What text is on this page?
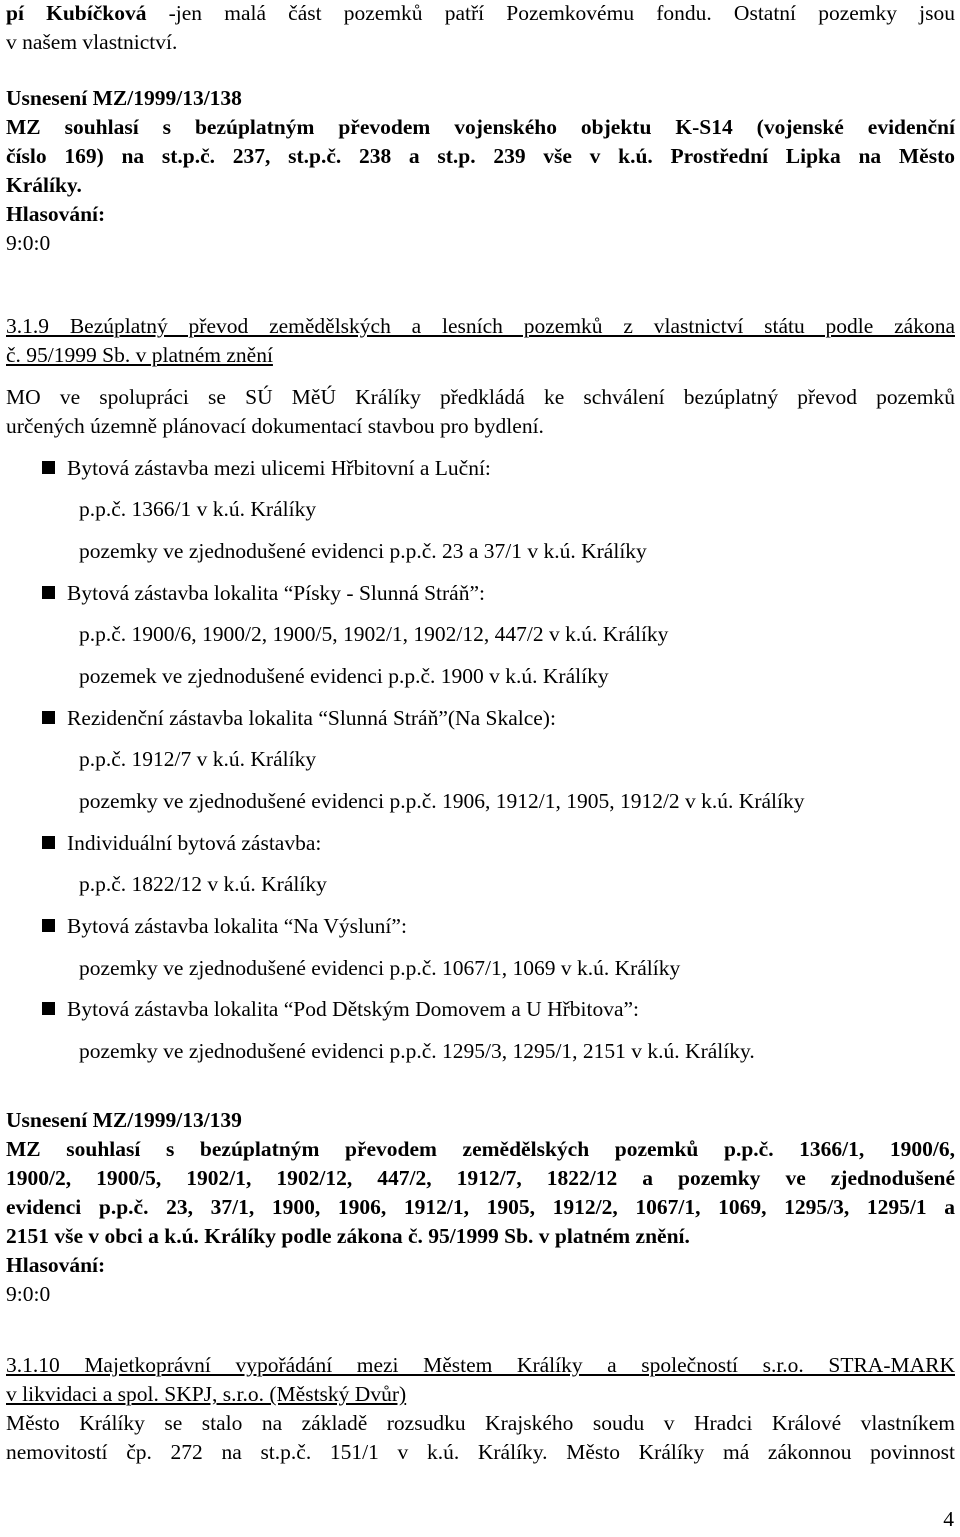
pí Kubíčková -jen malá část pozemků patří Pozemkovému fondu. Ostatní pozemky jsou
v našem vlastnictví.
Usnesení MZ/1999/13/138
MZ souhlasí s bezúplatným převodem vojenského objektu K-S14 (vojenské evidenční
číslo 169) na st.p.č. 237, st.p.č. 238 a st.p. 239 vše v k.ú. Prostřední Lipka na Město
Králíky.
Hlasování:
9:0:0
3.1.9 Bezúplatný převod zemědělských a lesních pozemků z vlastnictví státu podle zákona
č. 95/1999 Sb. v platném znění
MO ve spolupráci se SÚ MěÚ Králíky předkládá ke schválení bezúplatný převod pozemků
určených územně plánovací dokumentací stavbou pro bydlení.
Bytová zástavba mezi ulicemi Hřbitovní a Luční:
p.p.č. 1366/1 v k.ú. Králíky
pozemky ve zjednodušené evidenci p.p.č. 23 a 37/1 v k.ú. Králíky
Bytová zástavba lokalita “Písky - Slunná Stráň”:
p.p.č. 1900/6, 1900/2, 1900/5, 1902/1, 1902/12, 447/2 v k.ú. Králíky
pozemek ve zjednodušené evidenci p.p.č. 1900 v k.ú. Králíky
Rezidenční zástavba lokalita “Slunná Stráň”(Na Skalce):
p.p.č. 1912/7 v k.ú. Králíky
pozemky ve zjednodušené evidenci p.p.č. 1906, 1912/1, 1905, 1912/2 v k.ú. Králíky
Individuální bytová zástavba:
p.p.č. 1822/12 v k.ú. Králíky
Bytová zástavba lokalita “Na Výsluní”:
pozemky ve zjednodušené evidenci p.p.č. 1067/1, 1069 v k.ú. Králíky
Bytová zástavba lokalita “Pod Dětským Domovem a U Hřbitova”:
pozemky ve zjednodušené evidenci p.p.č. 1295/3, 1295/1, 2151 v k.ú. Králíky.
Usnesení MZ/1999/13/139
MZ souhlasí s bezúplatným převodem zemědělských pozemků p.p.č. 1366/1, 1900/6,
1900/2, 1900/5, 1902/1, 1902/12, 447/2, 1912/7, 1822/12 a pozemky ve zjednodušené
evidenci p.p.č. 23, 37/1, 1900, 1906, 1912/1, 1905, 1912/2, 1067/1, 1069, 1295/3, 1295/1 a
2151 vše v obci a k.ú. Králíky podle zákona č. 95/1999 Sb. v platném znění.
Hlasování:
9:0:0
3.1.10 Majetkoprávní vypořádání mezi Městem Králíky a společností s.r.o. STRA-MARK
v likvidaci a spol. SKPJ, s.r.o. (Městský Dvůr)
Město Králíky se stalo na základě rozsudku Krajského soudu v Hradci Králové vlastníkem
nemovitostí čp. 272 na st.p.č. 151/1 v k.ú. Králíky. Město Králíky má zákonnou povinnost
4
